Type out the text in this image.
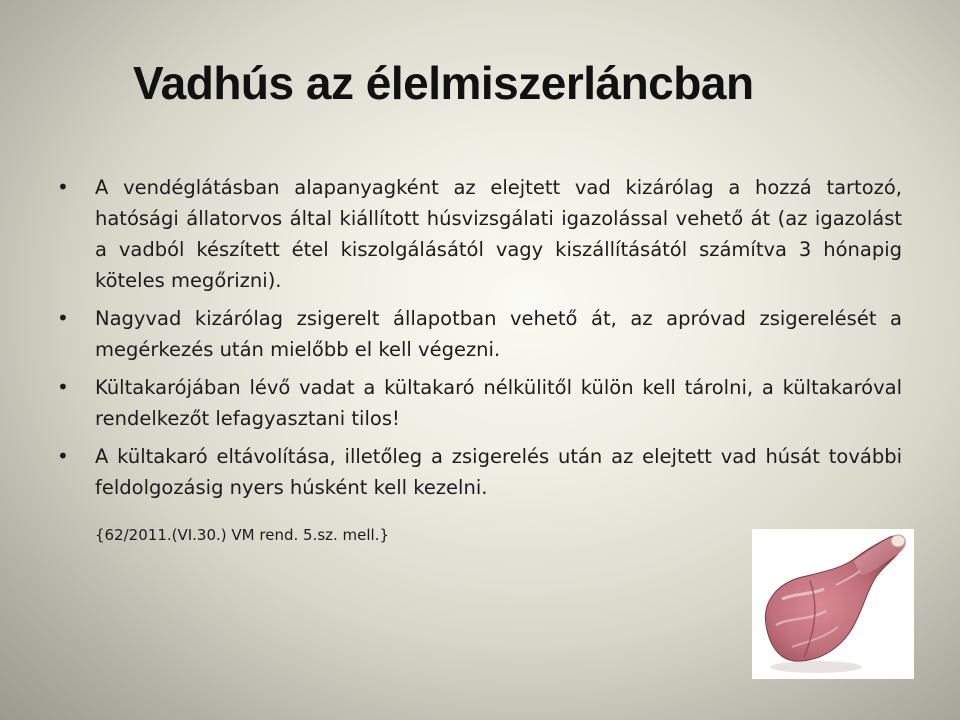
Vadhús az élelmiszerláncban
• A vendéglátásban alapanyagként az elejtett vad kizárólag a hozzá tartozó, hatósági állatorvos által kiállított húsvizsgálati igazolással vehető át (az igazolást a vadból készített étel kiszolgálásától vagy kiszállításától számítva 3 hónapig köteles megőrizni).
• Nagyvad kizárólag zsigerelt állapotban vehető át, az apróvad zsigerelését a megérkezés után mielőbb el kell végezni.
• Kültakarójában lévő vadat a kültakaró nélkülitől külön kell tárolni, a kültakaróval rendelkezőt lefagyasztani tilos!
• A kültakaró eltávolítása, illetőleg a zsigerelés után az elejtett vad húsát további feldolgozásig nyers húsként kell kezelni.
{62/2011.(VI.30.) VM rend. 5.sz. mell.}
